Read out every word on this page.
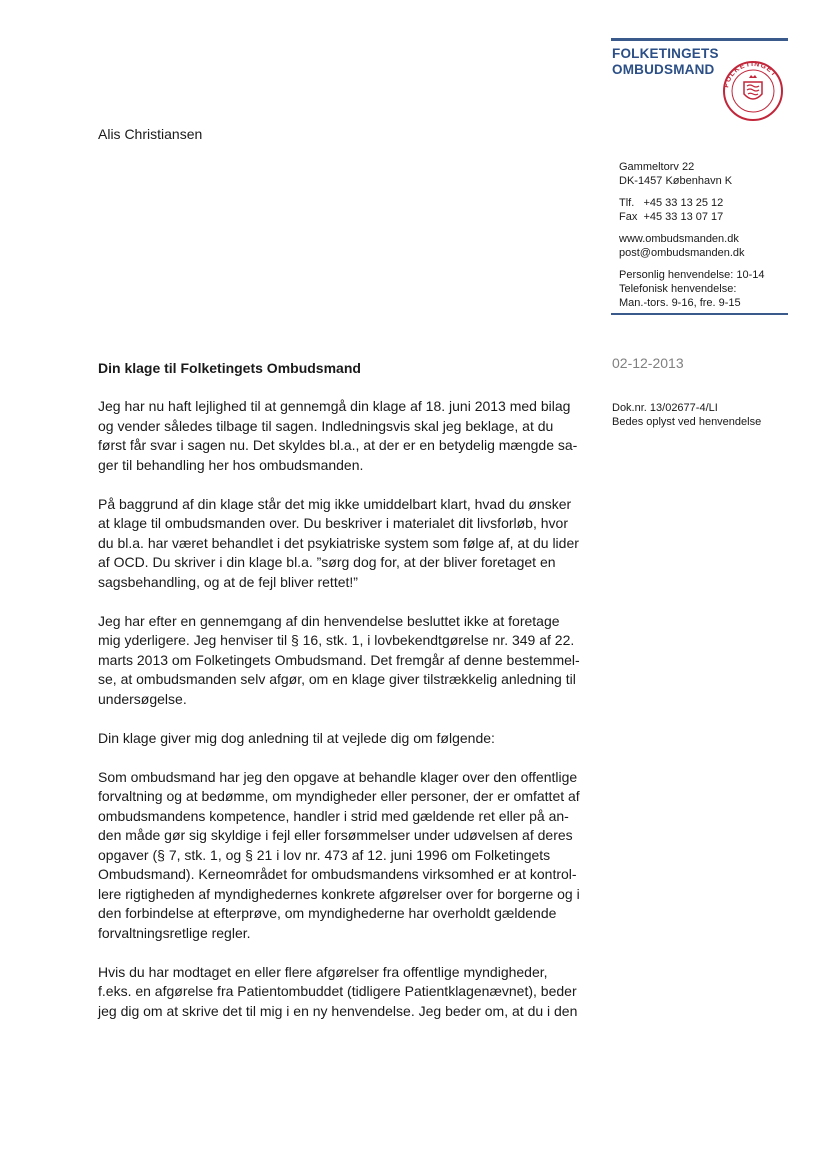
FOLKETINGETS
OMBUDSMAND
FOLKETINGET
Alis Christiansen
Gammeltorv 22
DK-1457 København K
Tlf.   +45 33 13 25 12
Fax  +45 33 13 07 17
www.ombudsmanden.dk
post@ombudsmanden.dk
Personlig henvendelse: 10-14
Telefonisk henvendelse:
Man.-tors. 9-16, fre. 9-15
02-12-2013
Dok.nr. 13/02677-4/LI
Bedes oplyst ved henvendelse
Din klage til Folketingets Ombudsmand
Jeg har nu haft lejlighed til at gennemgå din klage af 18. juni 2013 med bilag
og vender således tilbage til sagen. Indledningsvis skal jeg beklage, at du
først får svar i sagen nu. Det skyldes bl.a., at der er en betydelig mængde sa-
ger til behandling her hos ombudsmanden.
På baggrund af din klage står det mig ikke umiddelbart klart, hvad du ønsker
at klage til ombudsmanden over. Du beskriver i materialet dit livsforløb, hvor
du bl.a. har været behandlet i det psykiatriske system som følge af, at du lider
af OCD. Du skriver i din klage bl.a. ”sørg dog for, at der bliver foretaget en
sagsbehandling, og at de fejl bliver rettet!”
Jeg har efter en gennemgang af din henvendelse besluttet ikke at foretage
mig yderligere. Jeg henviser til § 16, stk. 1, i lovbekendtgørelse nr. 349 af 22.
marts 2013 om Folketingets Ombudsmand. Det fremgår af denne bestemmel-
se, at ombudsmanden selv afgør, om en klage giver tilstrækkelig anledning til
undersøgelse.
Din klage giver mig dog anledning til at vejlede dig om følgende:
Som ombudsmand har jeg den opgave at behandle klager over den offentlige
forvaltning og at bedømme, om myndigheder eller personer, der er omfattet af
ombudsmandens kompetence, handler i strid med gældende ret eller på an-
den måde gør sig skyldige i fejl eller forsømmelser under udøvelsen af deres
opgaver (§ 7, stk. 1, og § 21 i lov nr. 473 af 12. juni 1996 om Folketingets
Ombudsmand). Kerneområdet for ombudsmandens virksomhed er at kontrol-
lere rigtigheden af myndighedernes konkrete afgørelser over for borgerne og i
den forbindelse at efterprøve, om myndighederne har overholdt gældende
forvaltningsretlige regler.
Hvis du har modtaget en eller flere afgørelser fra offentlige myndigheder,
f.eks. en afgørelse fra Patientombuddet (tidligere Patientklagenævnet), beder
jeg dig om at skrive det til mig i en ny henvendelse. Jeg beder om, at du i den
